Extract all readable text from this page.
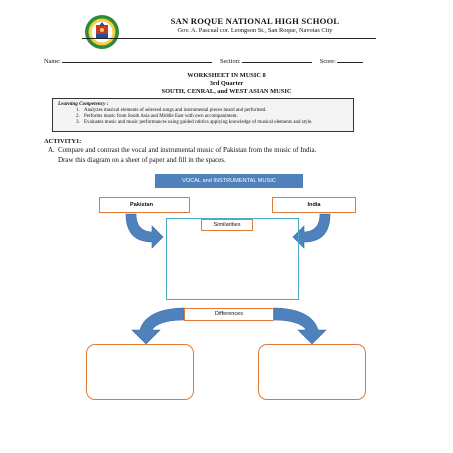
SAN ROQUE NATIONAL HIGH SCHOOL
Gov. A. Pascual cor. Leongson St., San Roque, Navotas City
Name:	Section:	Score:
WORKSHEET IN MUSIC 8
3rd Quarter
SOUTH, CENRAL, and WEST ASIAN MUSIC
Learning Competency :
1. Analyzes musical elements of selected songs and instrumental pieces heard and performed.
2. Performs music from South Asia and Middle East with own accompaniment.
3. Evaluates music and music performances using guided rubrics applying knowledge of musical elements and style.
ACTIVITY1:
A. Compare and contrast the vocal and instrumental music of Pakistan from the music of India.
Draw this diagram on a sheet of paper and fill in the spaces.
VOCAL and INSTRUMENTAL MUSIC
Pakistan	India
Similarities
Differences
